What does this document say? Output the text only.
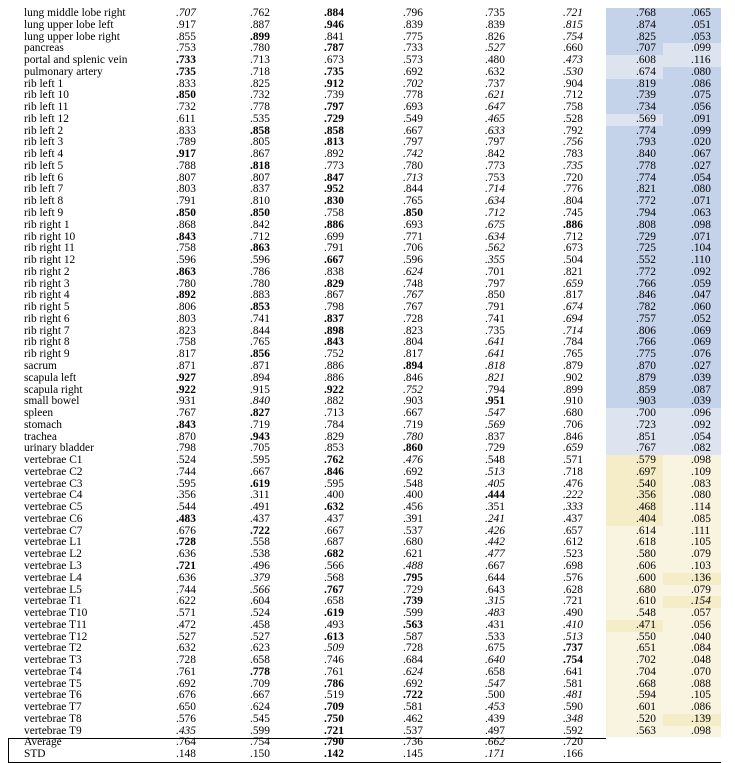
lung middle lobe right	.707	.762	.884	.796	.735	.721	.768	.065
lung upper lobe left	.917	.887	.946	.839	.839	.815	.874	.051
lung upper lobe right	.855	.899	.841	.775	.826	.754	.825	.053
pancreas	.753	.780	.787	.733	.527	.660	.707	.099
portal and splenic vein	.733	.713	.673	.573	.480	.473	.608	.116
pulmonary artery	.735	.718	.735	.692	.632	.530	.674	.080
rib left 1	.833	.825	.912	.702	.737	.904	.819	.086
rib left 10	.850	.732	.739	.778	.621	.712	.739	.075
rib left 11	.732	.778	.797	.693	.647	.758	.734	.056
rib left 12	.611	.535	.729	.549	.465	.528	.569	.091
rib left 2	.833	.858	.858	.667	.633	.792	.774	.099
rib left 3	.789	.805	.813	.797	.797	.756	.793	.020
rib left 4	.917	.867	.892	.742	.842	.783	.840	.067
rib left 5	.788	.818	.773	.780	.773	.735	.778	.027
rib left 6	.807	.807	.847	.713	.753	.720	.774	.054
rib left 7	.803	.837	.952	.844	.714	.776	.821	.080
rib left 8	.791	.810	.830	.765	.634	.804	.772	.071
rib left 9	.850	.850	.758	.850	.712	.745	.794	.063
rib right 1	.868	.842	.886	.693	.675	.886	.808	.098
rib right 10	.843	.712	.699	.771	.634	.712	.729	.071
rib right 11	.758	.863	.791	.706	.562	.673	.725	.104
rib right 12	.596	.596	.667	.596	.355	.504	.552	.110
rib right 2	.863	.786	.838	.624	.701	.821	.772	.092
rib right 3	.780	.780	.829	.748	.797	.659	.766	.059
rib right 4	.892	.883	.867	.767	.850	.817	.846	.047
rib right 5	.806	.853	.798	.767	.791	.674	.782	.060
rib right 6	.803	.741	.837	.728	.741	.694	.757	.052
rib right 7	.823	.844	.898	.823	.735	.714	.806	.069
rib right 8	.758	.765	.843	.804	.641	.784	.766	.069
rib right 9	.817	.856	.752	.817	.641	.765	.775	.076
sacrum	.871	.871	.886	.894	.818	.879	.870	.027
scapula left	.927	.894	.886	.846	.821	.902	.879	.039
scapula right	.922	.915	.922	.752	.794	.899	.859	.087
small bowel	.931	.840	.882	.903	.951	.910	.903	.039
spleen	.767	.827	.713	.667	.547	.680	.700	.096
stomach	.843	.719	.784	.719	.569	.706	.723	.092
trachea	.870	.943	.829	.780	.837	.846	.851	.054
urinary bladder	.798	.705	.853	.860	.729	.659	.767	.082
vertebrae C1	.524	.595	.762	.476	.548	.571	.579	.098
vertebrae C2	.744	.667	.846	.692	.513	.718	.697	.109
vertebrae C3	.595	.619	.595	.548	.405	.476	.540	.083
vertebrae C4	.356	.311	.400	.400	.444	.222	.356	.080
vertebrae C5	.544	.491	.632	.456	.351	.333	.468	.114
vertebrae C6	.483	.437	.437	.391	.241	.437	.404	.085
vertebrae C7	.676	.722	.667	.537	.426	.657	.614	.111
vertebrae L1	.728	.558	.687	.680	.442	.612	.618	.105
vertebrae L2	.636	.538	.682	.621	.477	.523	.580	.079
vertebrae L3	.721	.496	.566	.488	.667	.698	.606	.103
vertebrae L4	.636	.379	.568	.795	.644	.576	.600	.136
vertebrae L5	.744	.566	.767	.729	.643	.628	.680	.079
vertebrae T1	.622	.604	.658	.739	.315	.721	.610	.154
vertebrae T10	.571	.524	.619	.599	.483	.490	.548	.057
vertebrae T11	.472	.458	.493	.563	.431	.410	.471	.056
vertebrae T12	.527	.527	.613	.587	.533	.513	.550	.040
vertebrae T2	.632	.623	.509	.728	.675	.737	.651	.084
vertebrae T3	.728	.658	.746	.684	.640	.754	.702	.048
vertebrae T4	.761	.778	.761	.624	.658	.641	.704	.070
vertebrae T5	.692	.709	.786	.692	.547	.581	.668	.088
vertebrae T6	.676	.667	.519	.722	.500	.481	.594	.105
vertebrae T7	.650	.624	.709	.581	.453	.590	.601	.086
vertebrae T8	.576	.545	.750	.462	.439	.348	.520	.139
vertebrae T9	.435	.599	.721	.537	.497	.592	.563	.098
Average	.764	.754	.790	.736	.662	.720
STD	.148	.150	.142	.145	.171	.166
